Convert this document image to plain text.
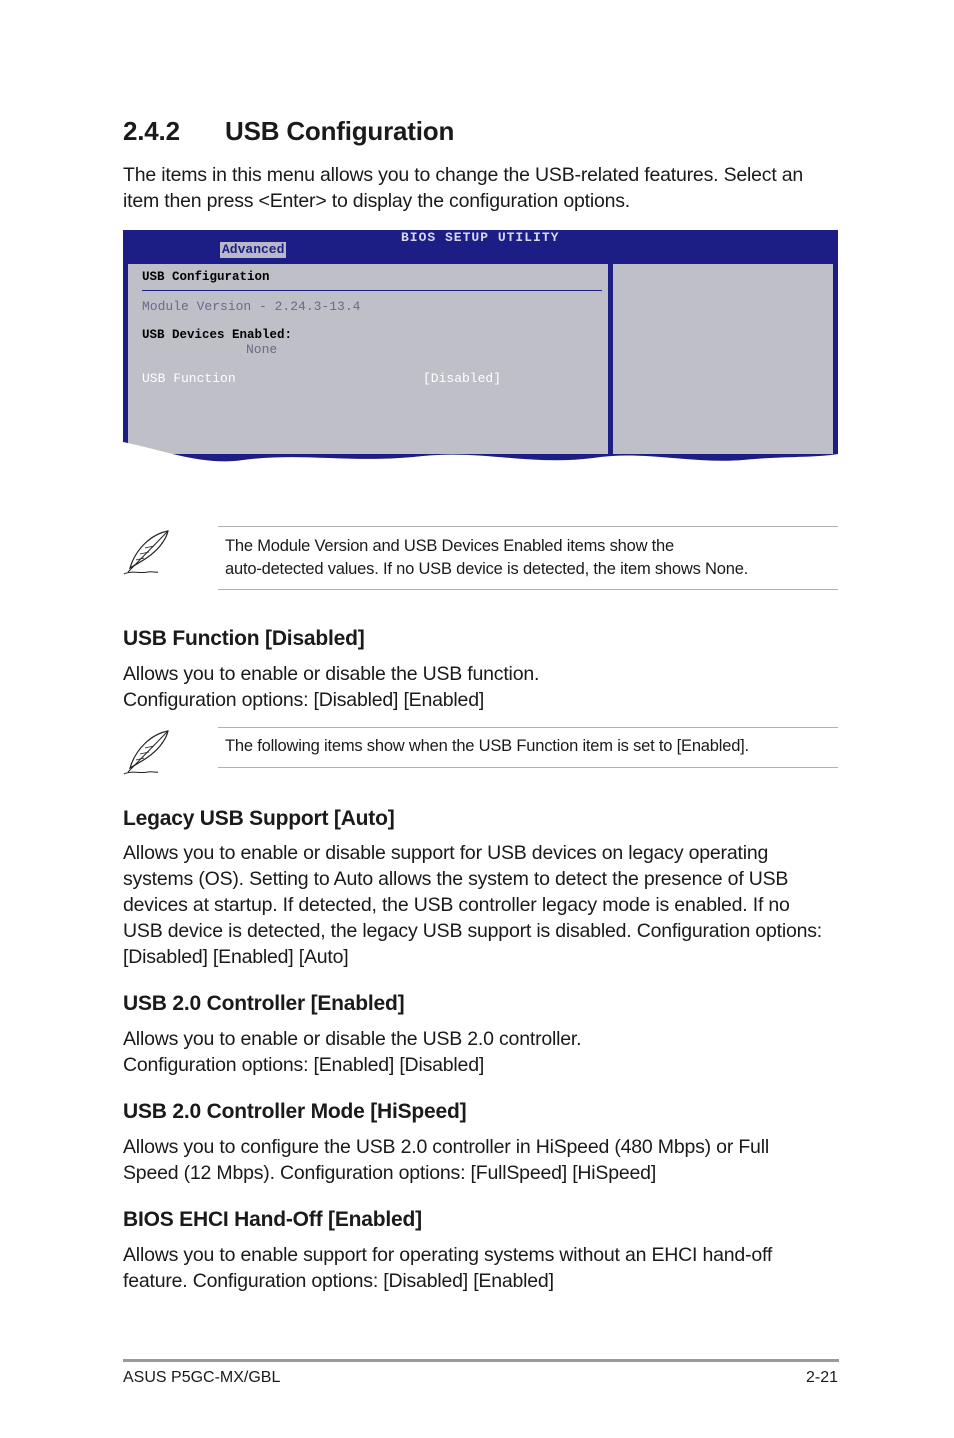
2.4.2 USB Configuration

The items in this menu allows you to change the USB-related features. Select an
item then press <Enter> to display the configuration options.

BIOS SETUP UTILITY
Advanced
USB Configuration
Module Version - 2.24.3-13.4
USB Devices Enabled:
None
USB Function	[Disabled]

The Module Version and USB Devices Enabled items show the
auto-detected values. If no USB device is detected, the item shows None.

USB Function [Disabled]

Allows you to enable or disable the USB function.
Configuration options: [Disabled] [Enabled]

The following items show when the USB Function item is set to [Enabled].

Legacy USB Support [Auto]

Allows you to enable or disable support for USB devices on legacy operating
systems (OS). Setting to Auto allows the system to detect the presence of USB
devices at startup. If detected, the USB controller legacy mode is enabled. If no
USB device is detected, the legacy USB support is disabled. Configuration options:
[Disabled] [Enabled] [Auto]

USB 2.0 Controller [Enabled]

Allows you to enable or disable the USB 2.0 controller.
Configuration options: [Enabled] [Disabled]

USB 2.0 Controller Mode [HiSpeed]

Allows you to configure the USB 2.0 controller in HiSpeed (480 Mbps) or Full
Speed (12 Mbps). Configuration options: [FullSpeed] [HiSpeed]

BIOS EHCI Hand-Off [Enabled]

Allows you to enable support for operating systems without an EHCI hand-off
feature. Configuration options: [Disabled] [Enabled]

ASUS P5GC-MX/GBL	2-21
